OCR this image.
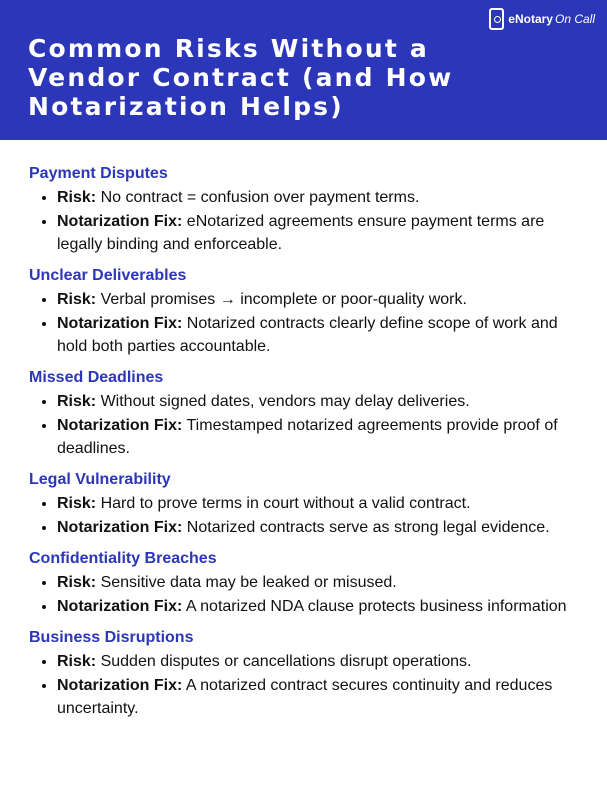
Common Risks Without a Vendor Contract (and How Notarization Helps)
eNotary On Call
Payment Disputes
• Risk: No contract = confusion over payment terms.
• Notarization Fix: eNotarized agreements ensure payment terms are legally binding and enforceable.
Unclear Deliverables
• Risk: Verbal promises → incomplete or poor-quality work.
• Notarization Fix: Notarized contracts clearly define scope of work and hold both parties accountable.
Missed Deadlines
• Risk: Without signed dates, vendors may delay deliveries.
• Notarization Fix: Timestamped notarized agreements provide proof of deadlines.
Legal Vulnerability
• Risk: Hard to prove terms in court without a valid contract.
• Notarization Fix: Notarized contracts serve as strong legal evidence.
Confidentiality Breaches
• Risk: Sensitive data may be leaked or misused.
• Notarization Fix: A notarized NDA clause protects business information
Business Disruptions
• Risk: Sudden disputes or cancellations disrupt operations.
• Notarization Fix: A notarized contract secures continuity and reduces uncertainty.
